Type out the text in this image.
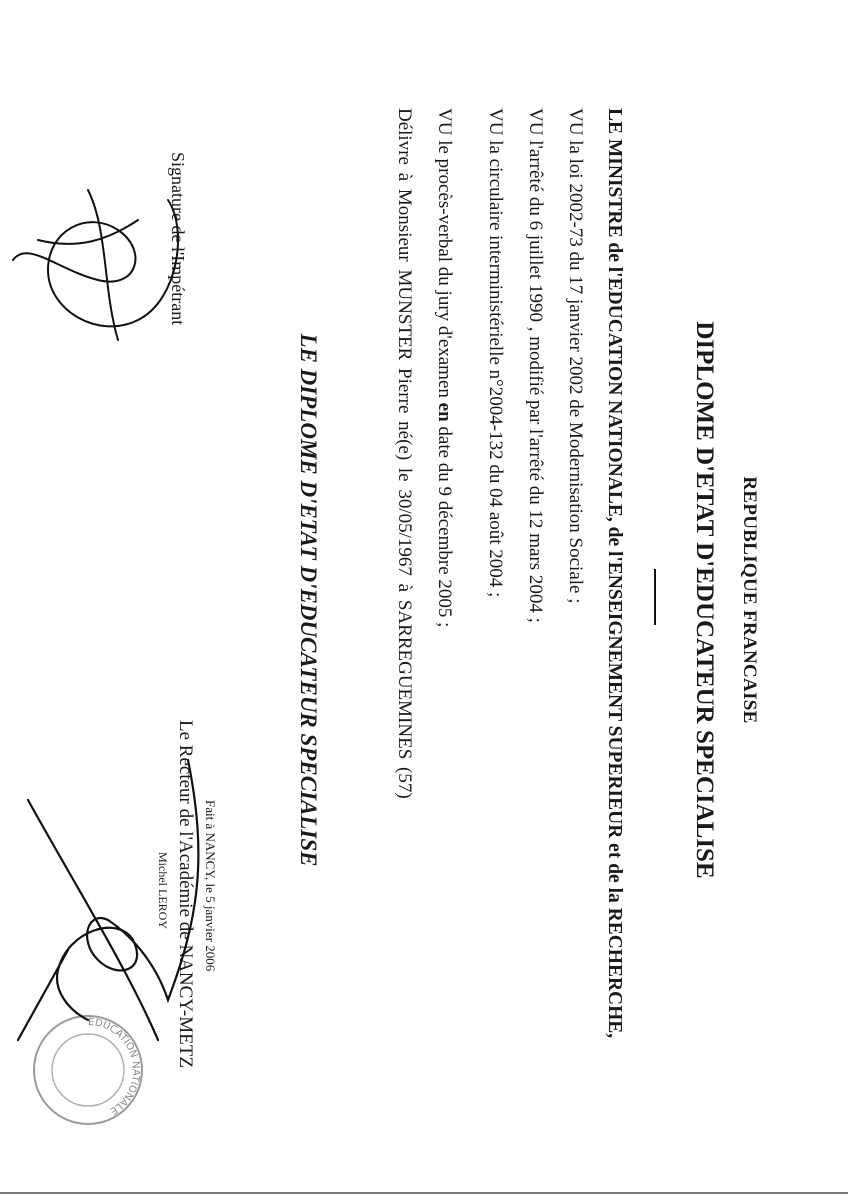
REPUBLIQUE FRANCAISE
DIPLOME D'ETAT D'EDUCATEUR SPECIALISE
LE MINISTRE de l'EDUCATION NATIONALE, de l'ENSEIGNEMENT SUPERIEUR et de la RECHERCHE,
VU la loi 2002-73 du 17 janvier 2002 de Modernisation Sociale ;
VU l'arrêté du 6 juillet 1990 , modifié par l'arrêté du 12 mars 2004 ;
VU la circulaire interministérielle n°2004-132 du 04 août 2004 ;
VU le procès-verbal du jury d'examen en date du 9 décembre 2005 ;
Délivre à Monsieur MUNSTER Pierre né(e) le 30/05/1967 à SARREGUEMINES (57)
LE DIPLOME D'ETAT D'EDUCATEUR SPECIALISE
Fait à NANCY, le 5 janvier 2006
Le Recteur de l'Académie de NANCY-METZ
Michel LEROY
Signature de l'Impétrant
EDUCATION NATIONALE
